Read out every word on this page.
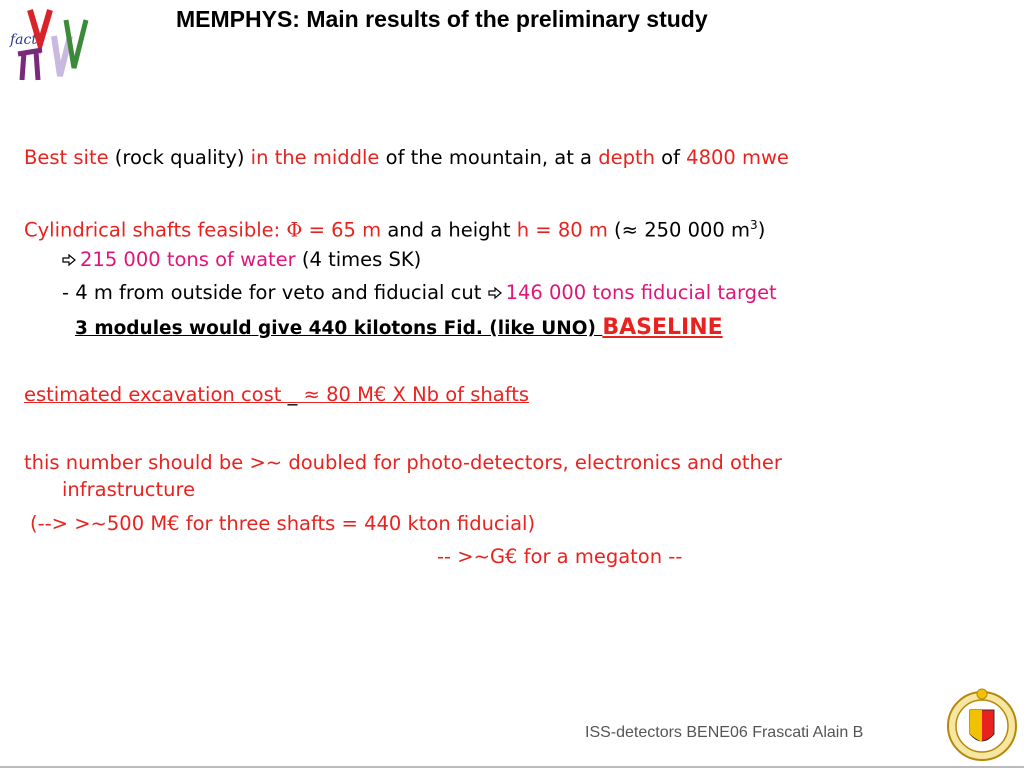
fact
MEMPHYS: Main results of the preliminary study
Best site (rock quality) in the middle of the mountain, at a depth of 4800 mwe
Cylindrical shafts feasible: Φ = 65 m and a height h = 80 m (≈ 250 000 $m^3$)
215 000 tons of water (4 times SK)
- 4 m from outside for veto and fiducial cut 146 000 tons fiducial target
3 modules would give 440 kilotons Fid. (like UNO) BASELINE
estimated excavation cost _ ≈ 80 M€ X Nb of shafts
this number should be >~ doubled for photo-detectors, electronics and other
infrastructure
(--> >~500 M€ for three shafts = 440 kton fiducial)
-- >~G€ for a megaton --
ISS-detectors BENE06 Frascati Alain B
